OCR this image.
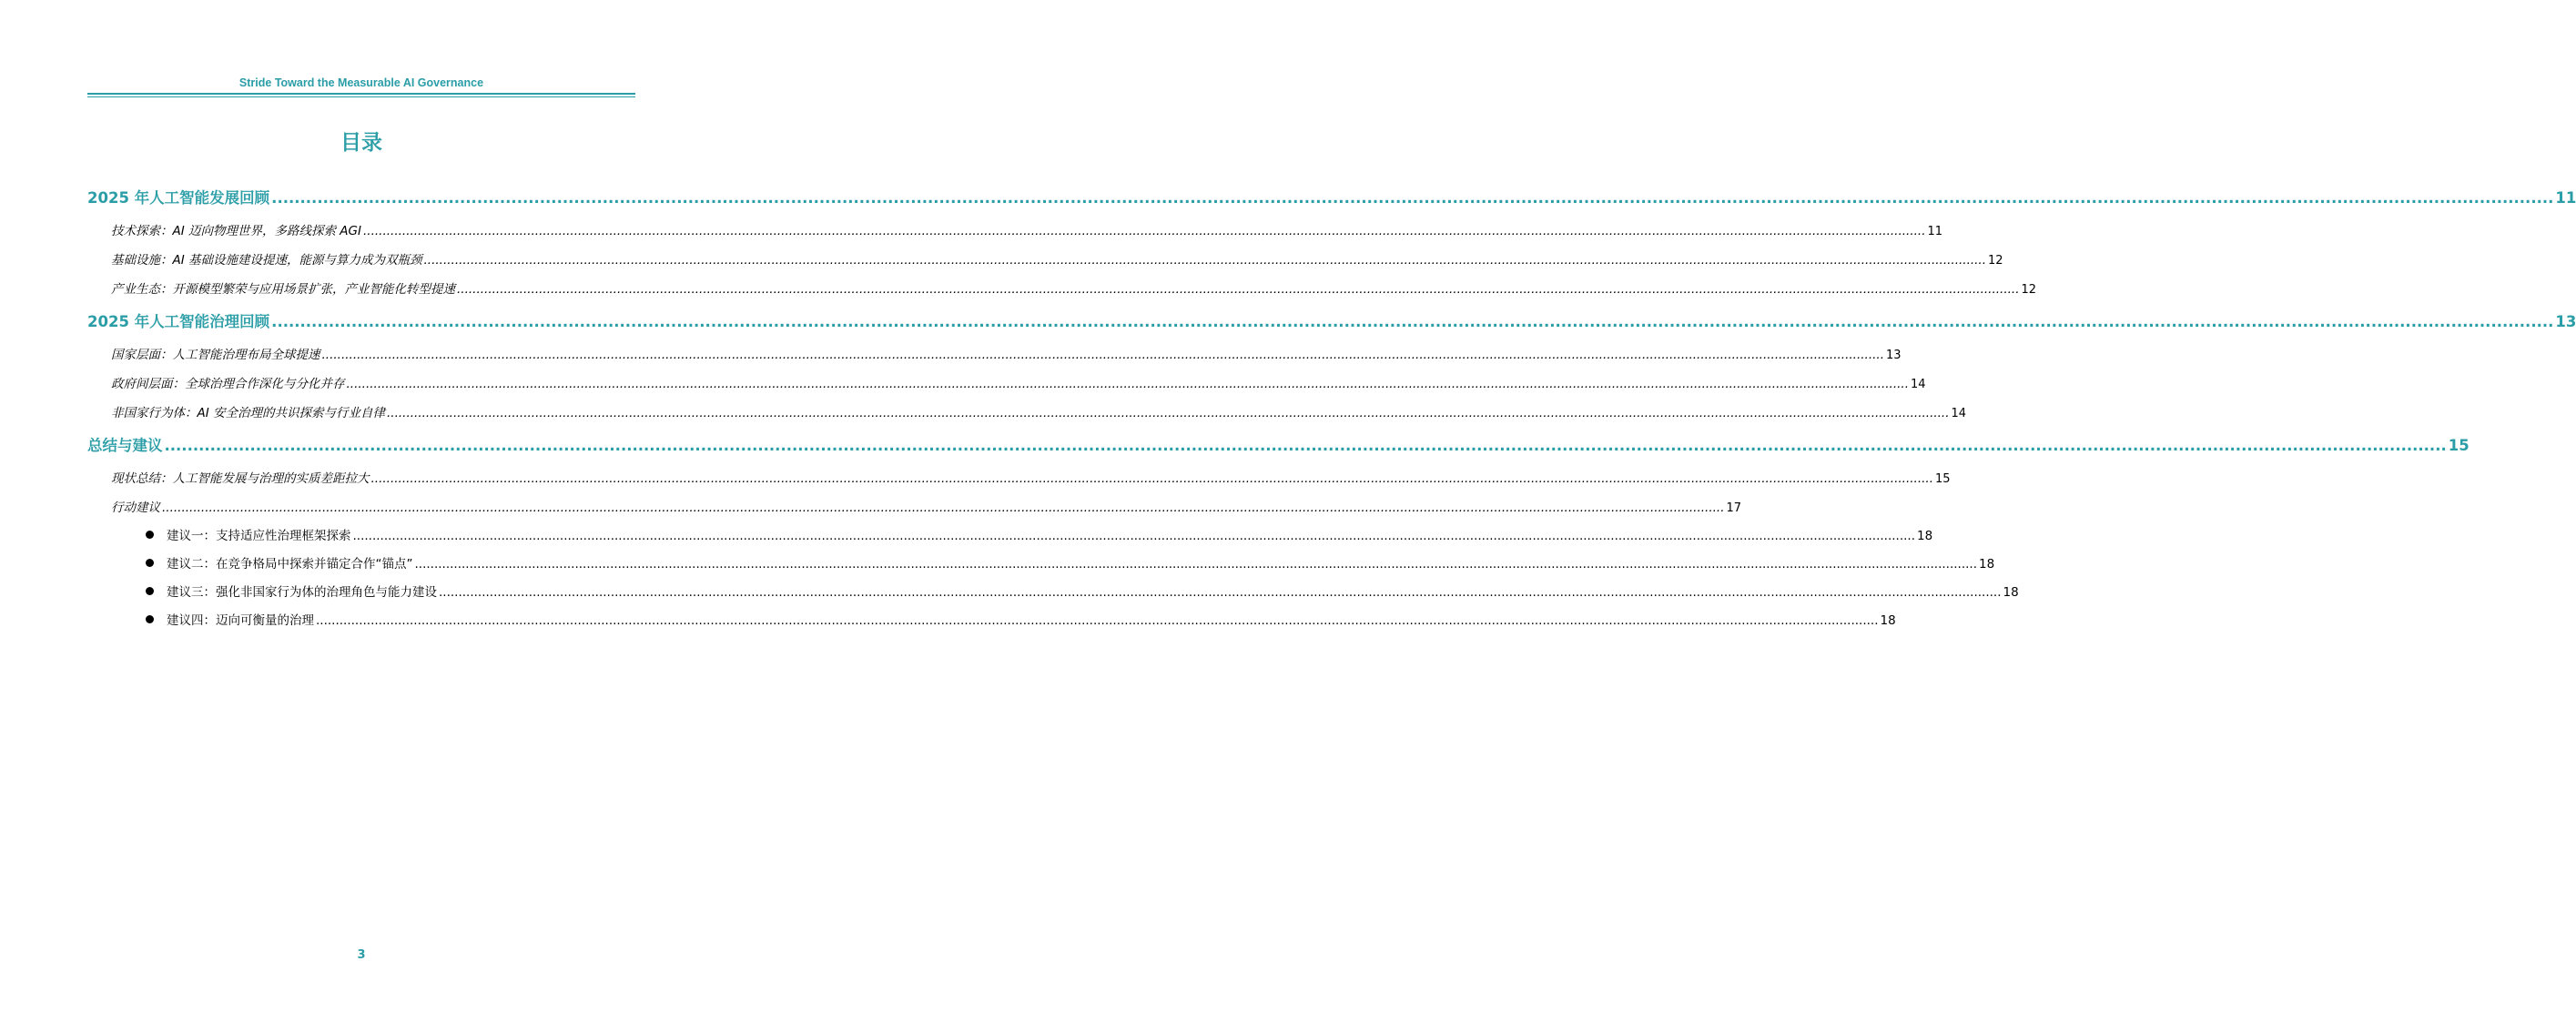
Stride Toward the Measurable AI Governance
目录
2025 年人工智能发展回顾 ................................................................................................................................................................................................................................................................................................................................................................................................................ 11
技术探索：AI 迈向物理世界，多路线探索 AGI ................................................................................................................................................................................................................................................................................................................................................................................................................ 11
基础设施：AI 基础设施建设提速，能源与算力成为双瓶颈 ................................................................................................................................................................................................................................................................................................................................................................................................................ 12
产业生态：开源模型繁荣与应用场景扩张，产业智能化转型提速 ................................................................................................................................................................................................................................................................................................................................................................................................................ 12
2025 年人工智能治理回顾 ................................................................................................................................................................................................................................................................................................................................................................................................................ 13
国家层面：人工智能治理布局全球提速 ................................................................................................................................................................................................................................................................................................................................................................................................................ 13
政府间层面：全球治理合作深化与分化并存 ................................................................................................................................................................................................................................................................................................................................................................................................................ 14
非国家行为体：AI 安全治理的共识探索与行业自律 ................................................................................................................................................................................................................................................................................................................................................................................................................ 14
总结与建议 ................................................................................................................................................................................................................................................................................................................................................................................................................ 15
现状总结：人工智能发展与治理的实质差距拉大 ................................................................................................................................................................................................................................................................................................................................................................................................................ 15
行动建议 ................................................................................................................................................................................................................................................................................................................................................................................................................ 17
建议一：支持适应性治理框架探索 ................................................................................................................................................................................................................................................................................................................................................................................................................ 18
建议二：在竞争格局中探索并锚定合作“锚点” ................................................................................................................................................................................................................................................................................................................................................................................................................ 18
建议三：强化非国家行为体的治理角色与能力建设 ................................................................................................................................................................................................................................................................................................................................................................................................................ 18
建议四：迈向可衡量的治理 ................................................................................................................................................................................................................................................................................................................................................................................................................ 18
3
